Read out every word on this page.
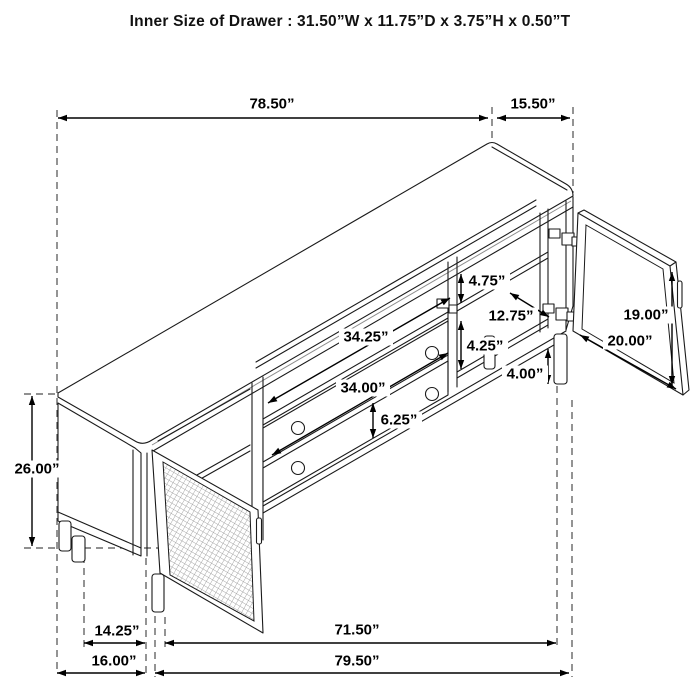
Inner Size of Drawer : 31.50”W x 11.75”D x 3.75”H x 0.50”T
78.50”	15.50”
26.00”
4.75”
12.75”
34.25”
4.25”
34.00”
6.25”
4.00”
19.00”
20.00”
14.25”	71.50”
16.00”	79.50”
